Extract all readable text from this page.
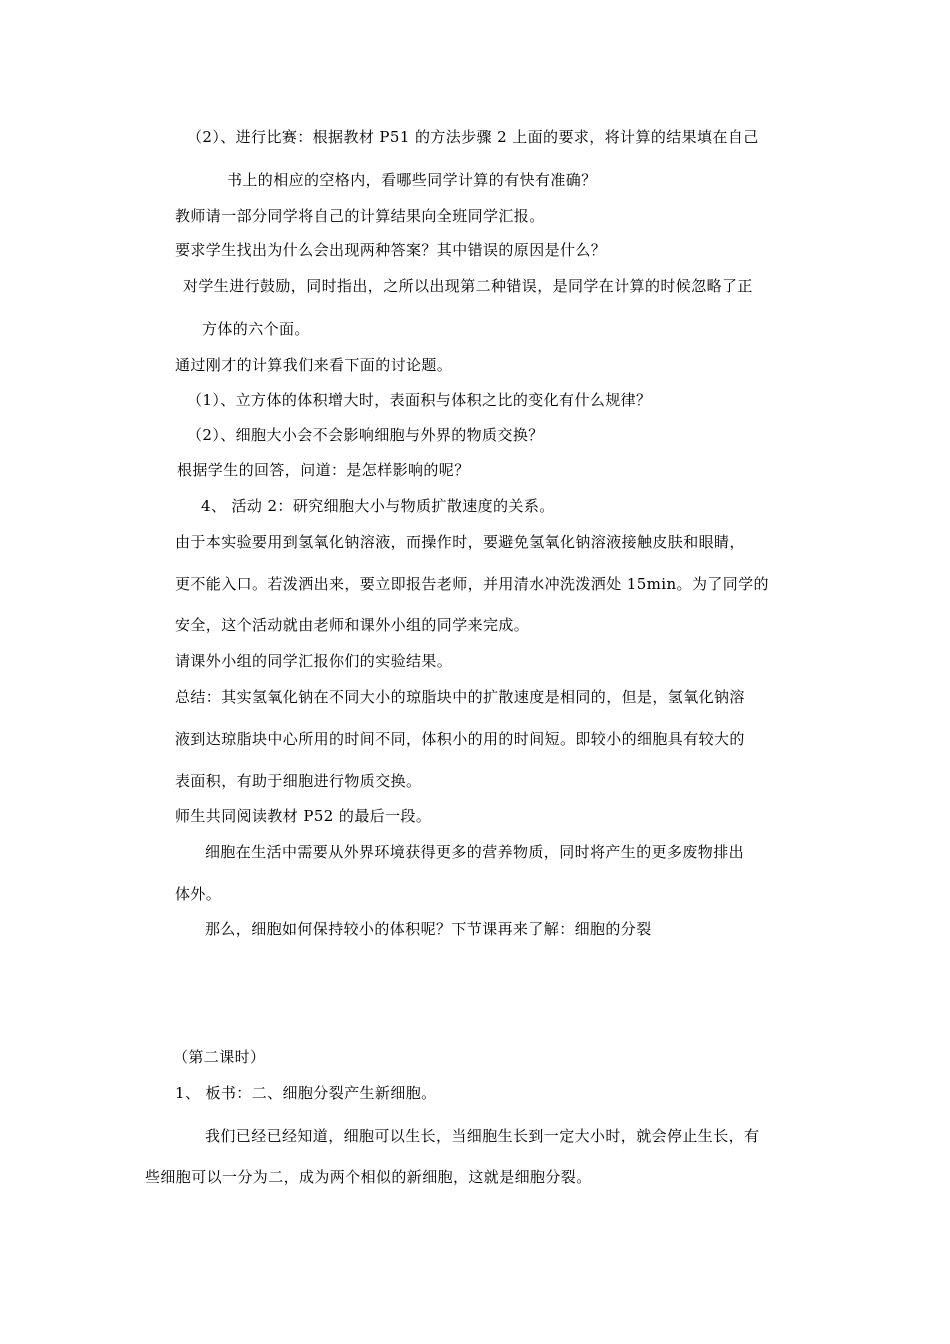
（2）、进行比赛：根据教材 P51 的方法步骤 2 上面的要求，将计算的结果填在自己
书上的相应的空格内，看哪些同学计算的有快有准确？
教师请一部分同学将自己的计算结果向全班同学汇报。
要求学生找出为什么会出现两种答案？其中错误的原因是什么？
对学生进行鼓励，同时指出，之所以出现第二种错误，是同学在计算的时候忽略了正
方体的六个面。
通过刚才的计算我们来看下面的讨论题。
（1）、立方体的体积增大时，表面积与体积之比的变化有什么规律？
（2）、细胞大小会不会影响细胞与外界的物质交换？
根据学生的回答，问道：是怎样影响的呢？
4、 活动 2：研究细胞大小与物质扩散速度的关系。
由于本实验要用到氢氧化钠溶液，而操作时，要避免氢氧化钠溶液接触皮肤和眼睛，
更不能入口。若泼洒出来，要立即报告老师，并用清水冲洗泼洒处 15min。为了同学的
安全，这个活动就由老师和课外小组的同学来完成。
请课外小组的同学汇报你们的实验结果。
总结：其实氢氧化钠在不同大小的琼脂块中的扩散速度是相同的，但是，氢氧化钠溶
液到达琼脂块中心所用的时间不同，体积小的用的时间短。即较小的细胞具有较大的
表面积，有助于细胞进行物质交换。
师生共同阅读教材 P52 的最后一段。
细胞在生活中需要从外界环境获得更多的营养物质，同时将产生的更多废物排出
体外。
那么，细胞如何保持较小的体积呢？下节课再来了解：细胞的分裂
（第二课时）
1、 板书：二、细胞分裂产生新细胞。
我们已经已经知道，细胞可以生长，当细胞生长到一定大小时，就会停止生长，有
些细胞可以一分为二，成为两个相似的新细胞，这就是细胞分裂。
